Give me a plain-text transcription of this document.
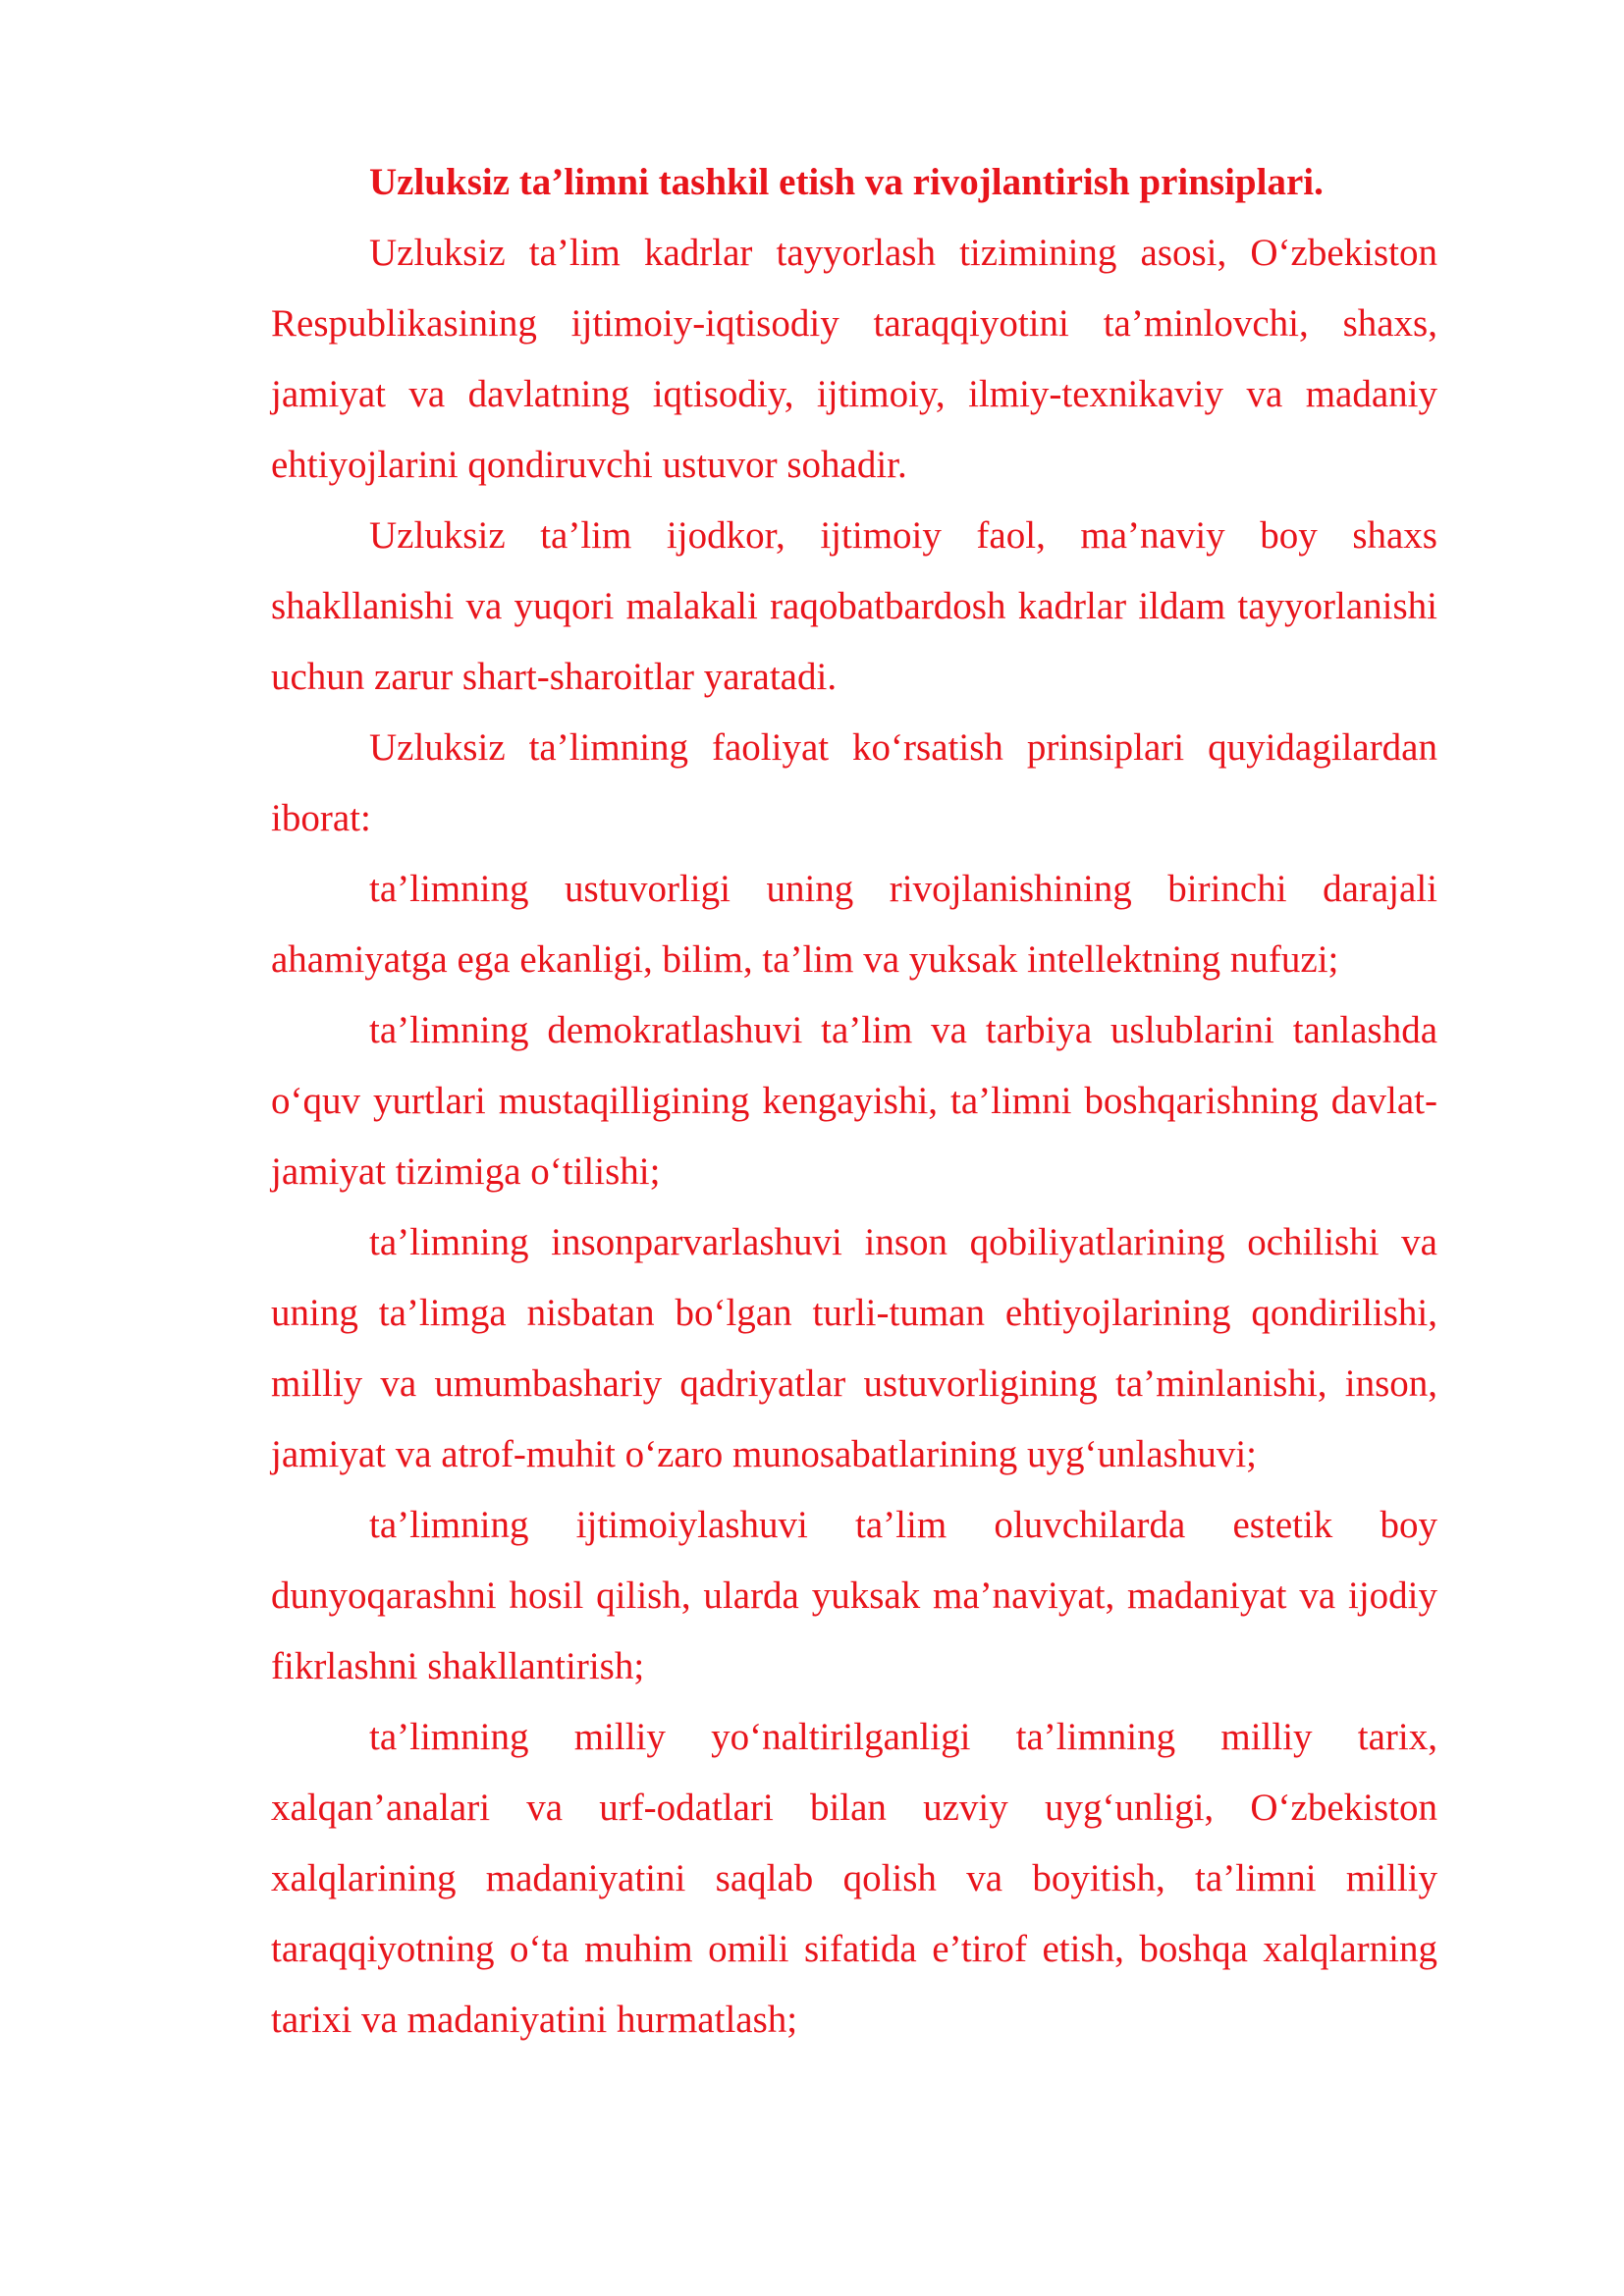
Uzluksiz ta’limni tashkil etish va rivojlantirish prinsiplari.

Uzluksiz ta’lim kadrlar tayyorlash tizimining asosi, O‘zbekiston Respublikasining ijtimoiy-iqtisodiy taraqqiyotini ta’minlovchi, shaxs, jamiyat va davlatning iqtisodiy, ijtimoiy, ilmiy-texnikaviy va madaniy ehtiyojlarini qondiruvchi ustuvor sohadir.

Uzluksiz ta’lim ijodkor, ijtimoiy faol, ma’naviy boy shaxs shakllanishi va yuqori malakali raqobatbardosh kadrlar ildam tayyorlanishi uchun zarur shart-sharoitlar yaratadi.

Uzluksiz ta’limning faoliyat ko‘rsatish prinsiplari quyidagilardan iborat:

ta’limning ustuvorligi uning rivojlanishining birinchi darajali ahamiyatga ega ekanligi, bilim, ta’lim va yuksak intellektning nufuzi;

ta’limning demokratlashuvi ta’lim va tarbiya uslublarini tanlashda o‘quv yurtlari mustaqilligining kengayishi, ta’limni boshqarishning davlat-jamiyat tizimiga o‘tilishi;

ta’limning insonparvarlashuvi inson qobiliyatlarining ochilishi va uning ta’limga nisbatan bo‘lgan turli-tuman ehtiyojlarining qondirilishi, milliy va umumbashariy qadriyatlar ustuvorligining ta’minlanishi, inson, jamiyat va atrof-muhit o‘zaro munosabatlarining uyg‘unlashuvi;

ta’limning ijtimoiylashuvi ta’lim oluvchilarda estetik boy dunyoqarashni hosil qilish, ularda yuksak ma’naviyat, madaniyat va ijodiy fikrlashni shakllantirish;

ta’limning milliy yo‘naltirilganligi ta’limning milliy tarix, xalqan’analari va urf-odatlari bilan uzviy uyg‘unligi, O‘zbekiston xalqlarining madaniyatini saqlab qolish va boyitish, ta’limni milliy taraqqiyotning o‘ta muhim omili sifatida e’tirof etish, boshqa xalqlarning tarixi va madaniyatini hurmatlash;
